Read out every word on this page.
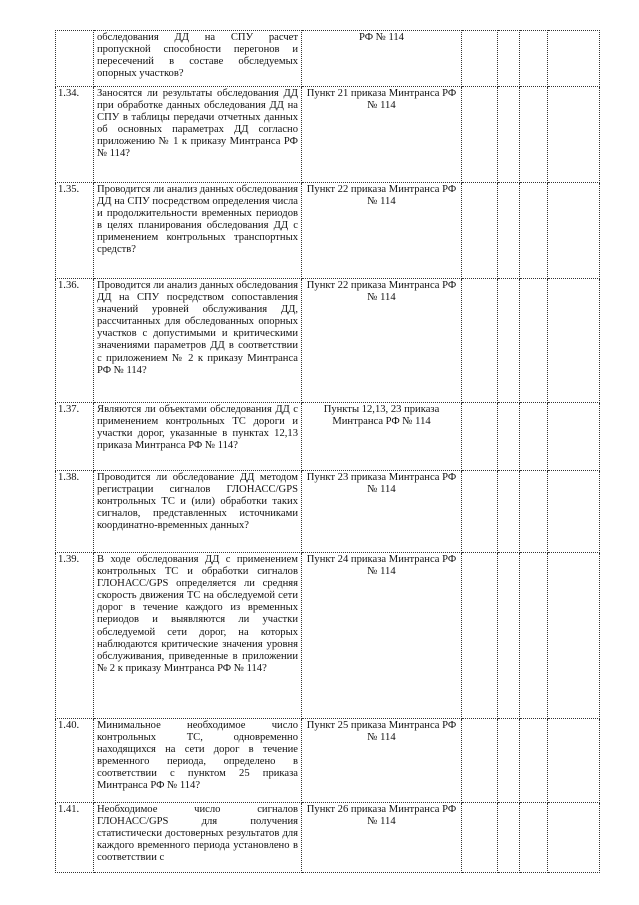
	обследования ДД на СПУ расчет пропускной способности перегонов и пересечений в составе обследуемых опорных участков?	РФ № 114				
1.34.	Заносятся ли результаты обследования ДД при обработке данных обследования ДД на СПУ в таблицы передачи отчетных данных об основных параметрах ДД согласно приложению № 1 к приказу Минтранса РФ № 114?	Пункт 21 приказа Минтранса РФ № 114				
1.35.	Проводится ли анализ данных обследования ДД на СПУ посредством определения числа и продолжительности временных периодов в целях планирования обследования ДД с применением контрольных транспортных средств?	Пункт 22 приказа Минтранса РФ № 114				
1.36.	Проводится ли анализ данных обследования ДД на СПУ посредством сопоставления значений уровней обслуживания ДД, рассчитанных для обследованных опорных участков с допустимыми и критическими значениями параметров ДД в соответствии с приложением № 2 к приказу Минтранса РФ № 114?	Пункт 22 приказа Минтранса РФ № 114				
1.37.	Являются ли объектами обследования ДД с применением контрольных ТС дороги и участки дорог, указанные в пунктах 12,13 приказа Минтранса РФ № 114?	Пункты 12,13, 23 приказа Минтранса РФ № 114				
1.38.	Проводится ли обследование ДД методом регистрации сигналов ГЛОНАСС/GPS контрольных ТС и (или) обработки таких сигналов, представленных источниками координатно-временных данных?	Пункт 23 приказа Минтранса РФ № 114				
1.39.	В ходе обследования ДД с применением контрольных ТС и обработки сигналов ГЛОНАСС/GPS определяется ли средняя скорость движения ТС на обследуемой сети дорог в течение каждого из временных периодов и выявляются ли участки обследуемой сети дорог, на которых наблюдаются критические значения уровня обслуживания, приведенные в приложении № 2 к приказу Минтранса РФ № 114?	Пункт 24 приказа Минтранса РФ № 114				
1.40.	Минимальное необходимое число контрольных ТС, одновременно находящихся на сети дорог в течение временного периода, определено в соответствии с пунктом 25 приказа Минтранса РФ № 114?	Пункт 25 приказа Минтранса РФ № 114				
1.41.	Необходимое число сигналов ГЛОНАСС/GPS для получения статистически достоверных результатов для каждого временного периода установлено в соответствии с	Пункт 26 приказа Минтранса РФ № 114				
